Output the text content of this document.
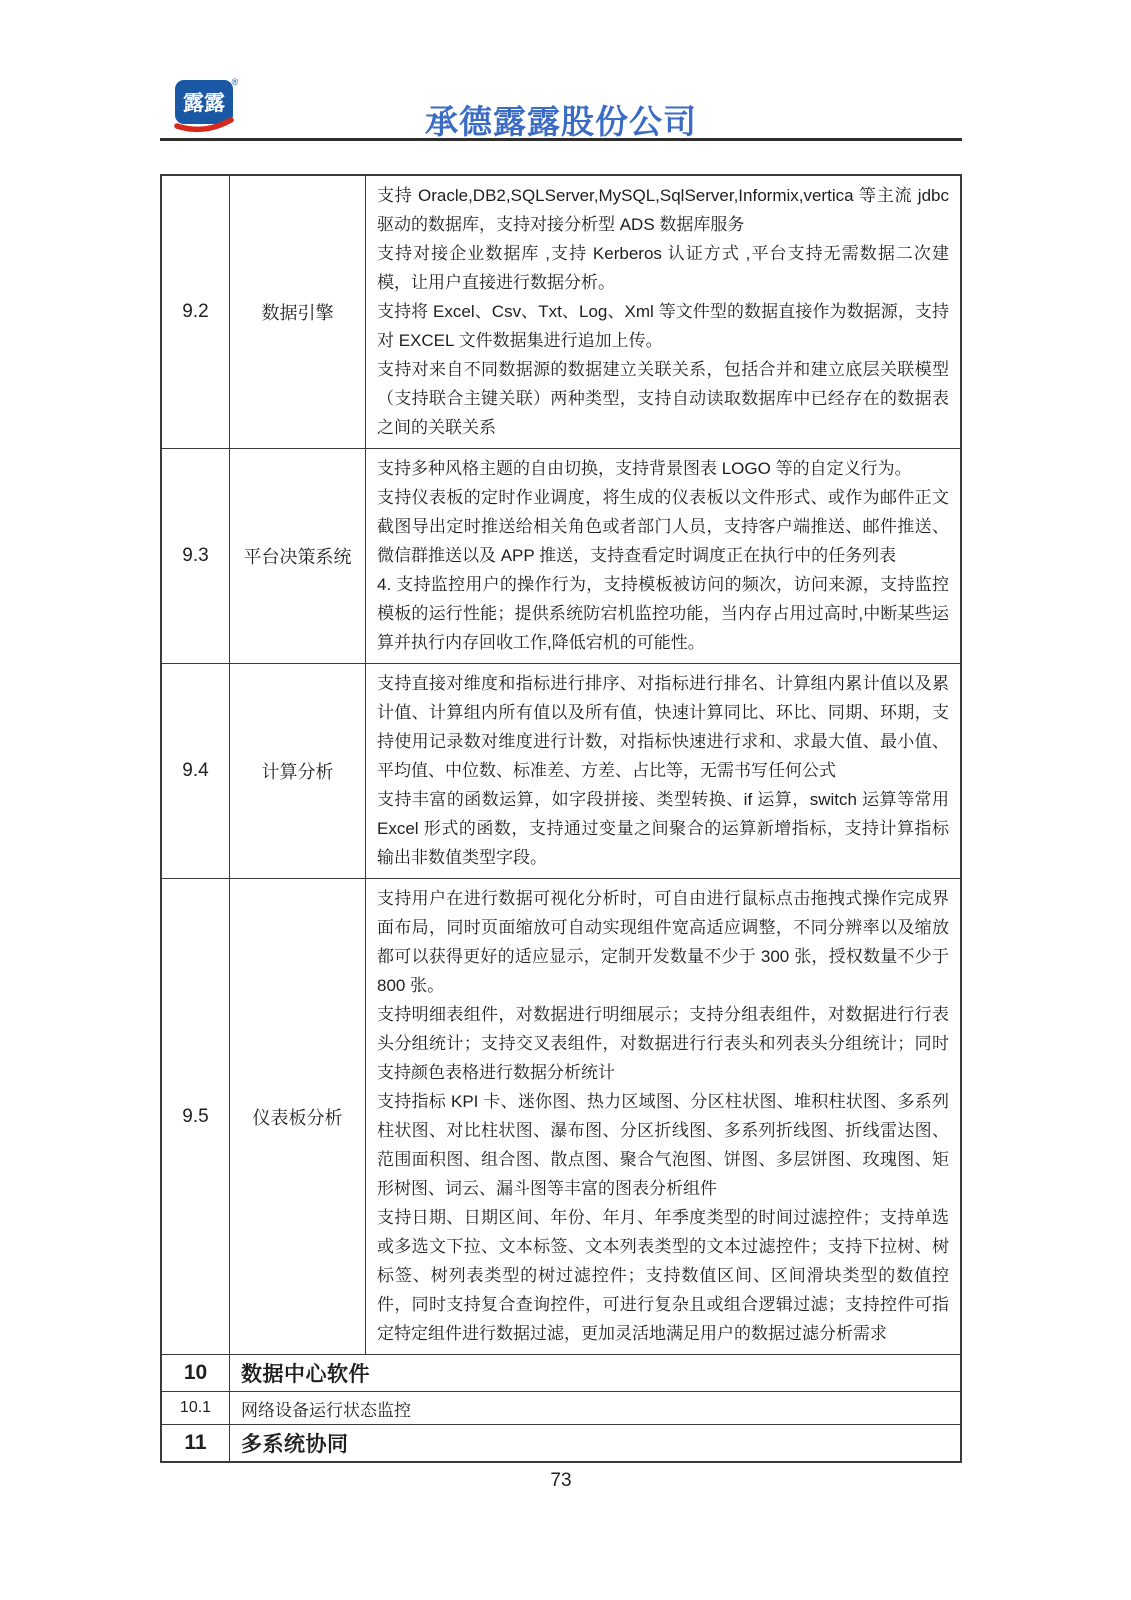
露露
®
承德露露股份公司
9.2	数据引擎

支持 Oracle,DB2,SQLServer,MySQL,SqlServer,Informix,vertica 等主流 jdbc 驱动的数据库，支持对接分析型 ADS 数据库服务

支持对接企业数据库 ,支持 Kerberos 认证方式 ,平台支持无需数据二次建模，让用户直接进行数据分析。

支持将 Excel、Csv、Txt、Log、Xml 等文件型的数据直接作为数据源，支持对 EXCEL 文件数据集进行追加上传。

支持对来自不同数据源的数据建立关联关系，包括合并和建立底层关联模型（支持联合主键关联）两种类型，支持自动读取数据库中已经存在的数据表之间的关联关系

9.3	平台决策系统

支持多种风格主题的自由切换，支持背景图表 LOGO 等的自定义行为。

支持仪表板的定时作业调度，将生成的仪表板以文件形式、或作为邮件正文截图导出定时推送给相关角色或者部门人员，支持客户端推送、邮件推送、微信群推送以及 APP 推送，支持查看定时调度正在执行中的任务列表

4. 支持监控用户的操作行为，支持模板被访问的频次，访问来源，支持监控模板的运行性能；提供系统防宕机监控功能，当内存占用过高时,中断某些运算并执行内存回收工作,降低宕机的可能性。

9.4	计算分析

支持直接对维度和指标进行排序、对指标进行排名、计算组内累计值以及累计值、计算组内所有值以及所有值，快速计算同比、环比、同期、环期，支持使用记录数对维度进行计数，对指标快速进行求和、求最大值、最小值、平均值、中位数、标准差、方差、占比等，无需书写任何公式

支持丰富的函数运算，如字段拼接、类型转换、if 运算，switch 运算等常用 Excel 形式的函数，支持通过变量之间聚合的运算新增指标，支持计算指标输出非数值类型字段。

9.5	仪表板分析

支持用户在进行数据可视化分析时，可自由进行鼠标点击拖拽式操作完成界面布局，同时页面缩放可自动实现组件宽高适应调整，不同分辨率以及缩放都可以获得更好的适应显示，定制开发数量不少于 300 张，授权数量不少于 800 张。

支持明细表组件，对数据进行明细展示；支持分组表组件，对数据进行行表头分组统计；支持交叉表组件，对数据进行行表头和列表头分组统计；同时支持颜色表格进行数据分析统计

支持指标 KPI 卡、迷你图、热力区域图、分区柱状图、堆积柱状图、多系列柱状图、对比柱状图、瀑布图、分区折线图、多系列折线图、折线雷达图、范围面积图、组合图、散点图、聚合气泡图、饼图、多层饼图、玫瑰图、矩形树图、词云、漏斗图等丰富的图表分析组件

支持日期、日期区间、年份、年月、年季度类型的时间过滤控件；支持单选或多选文下拉、文本标签、文本列表类型的文本过滤控件；支持下拉树、树标签、树列表类型的树过滤控件；支持数值区间、区间滑块类型的数值控件，同时支持复合查询控件，可进行复杂且或组合逻辑过滤；支持控件可指定特定组件进行数据过滤，更加灵活地满足用户的数据过滤分析需求

10	数据中心软件
10.1	网络设备运行状态监控
11	多系统协同
73
